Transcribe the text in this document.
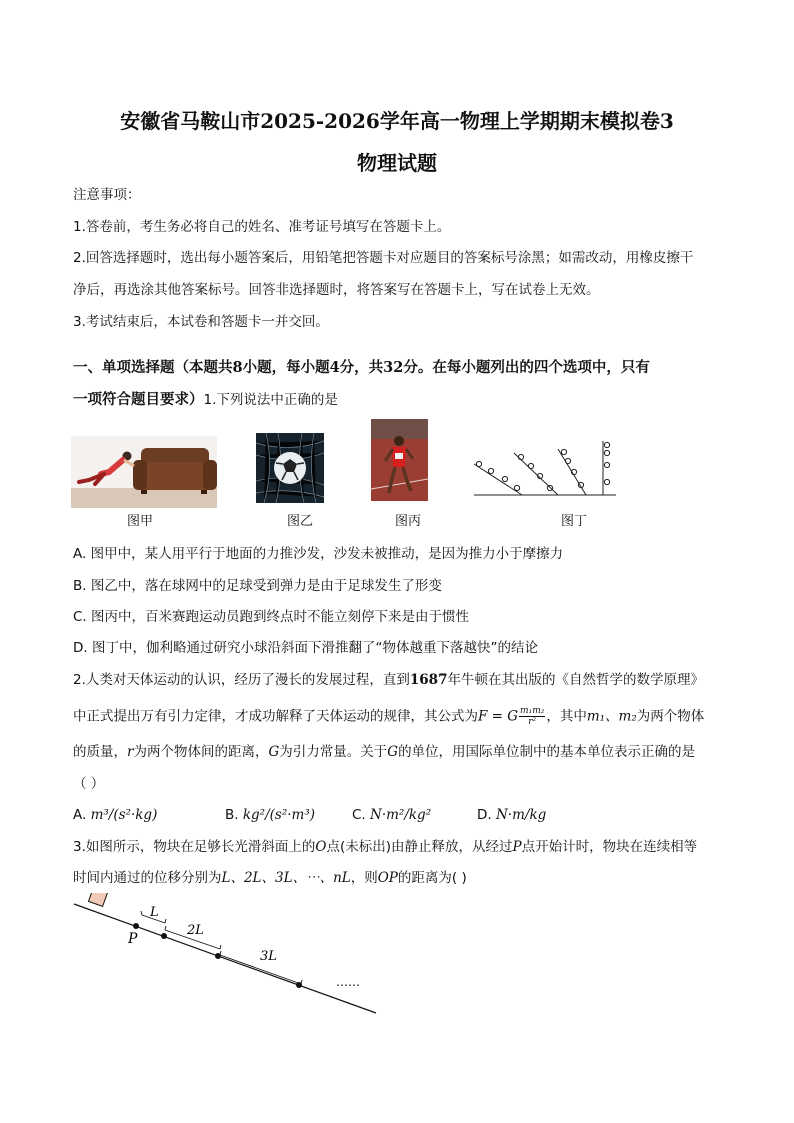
安徽省马鞍山市2025-2026学年高一物理上学期期末模拟卷3
物理试题
注意事项：
1.答卷前，考生务必将自己的姓名、准考证号填写在答题卡上。
2.回答选择题时，选出每小题答案后，用铅笔把答题卡对应题目的答案标号涂黑；如需改动，用橡皮擦干
净后，再选涂其他答案标号。回答非选择题时，将答案写在答题卡上，写在试卷上无效。
3.考试结束后，本试卷和答题卡一并交回。
一、单项选择题（本题共8小题，每小题4分，共32分。在每小题列出的四个选项中，只有
一项符合题目要求）1.下列说法中正确的是
图甲	图乙	图丙	图丁
A. 图甲中，某人用平行于地面的力推沙发，沙发未被推动，是因为推力小于摩擦力
B. 图乙中，落在球网中的足球受到弹力是由于足球发生了形变
C. 图丙中，百米赛跑运动员跑到终点时不能立刻停下来是由于惯性
D. 图丁中，伽利略通过研究小球沿斜面下滑推翻了“物体越重下落越快”的结论
2.人类对天体运动的认识，经历了漫长的发展过程，直到1687年牛顿在其出版的《自然哲学的数学原理》
中正式提出万有引力定律，才成功解释了天体运动的规律，其公式为F = G $\frac{\text{m₁m₂}}{\text{r²}}$ ，其中m₁、m₂为两个物体
的质量，r为两个物体间的距离，G为引力常量。关于G的单位，用国际单位制中的基本单位表示正确的是
（ ）
A. m³/(s²·kg)	B. kg²/(s²·m³)	C. N·m²/kg²	D. N·m/kg
3.如图所示，物块在足够长光滑斜面上的O点(未标出)由静止释放，从经过P点开始计时，物块在连续相等
时间内通过的位移分别为L、2L、3L、⋯、nL，则OP的距离为( )
P
L
2L
3L
……
